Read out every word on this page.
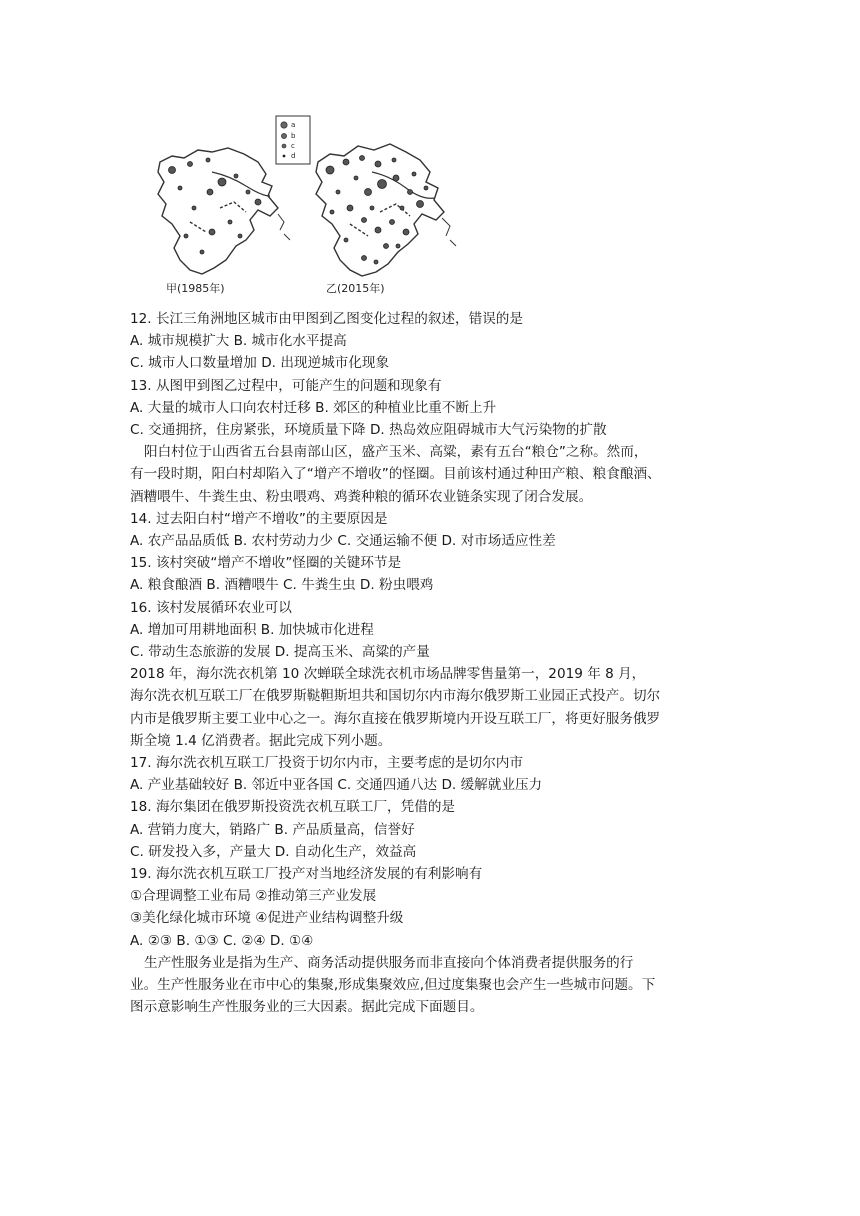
a
b
c
d
甲(1985年)	乙(2015年)
12. 长江三角洲地区城市由甲图到乙图变化过程的叙述，错误的是
A. 城市规模扩大 B. 城市化水平提高
C. 城市人口数量增加 D. 出现逆城市化现象
13. 从图甲到图乙过程中，可能产生的问题和现象有
A. 大量的城市人口向农村迁移 B. 郊区的种植业比重不断上升
C. 交通拥挤，住房紧张，环境质量下降 D. 热岛效应阻碍城市大气污染物的扩散
阳白村位于山西省五台县南部山区，盛产玉米、高粱，素有五台“粮仓”之称。然而，
有一段时期，阳白村却陷入了“增产不增收”的怪圈。目前该村通过种田产粮、粮食酿酒、
酒糟喂牛、牛粪生虫、粉虫喂鸡、鸡粪种粮的循环农业链条实现了闭合发展。
14. 过去阳白村“增产不增收”的主要原因是
A. 农产品品质低 B. 农村劳动力少 C. 交通运输不便 D. 对市场适应性差
15. 该村突破“增产不增收”怪圈的关键环节是
A. 粮食酿酒 B. 酒糟喂牛 C. 牛粪生虫 D. 粉虫喂鸡
16. 该村发展循环农业可以
A. 增加可用耕地面积 B. 加快城市化进程
C. 带动生态旅游的发展 D. 提高玉米、高粱的产量
2018 年，海尔洗衣机第 10 次蝉联全球洗衣机市场品牌零售量第一，2019 年 8 月，
海尔洗衣机互联工厂在俄罗斯鞑靼斯坦共和国切尔内市海尔俄罗斯工业园正式投产。切尔
内市是俄罗斯主要工业中心之一。海尔直接在俄罗斯境内开设互联工厂，将更好服务俄罗
斯全境 1.4 亿消费者。据此完成下列小题。
17. 海尔洗衣机互联工厂投资于切尔内市，主要考虑的是切尔内市
A. 产业基础较好 B. 邻近中亚各国 C. 交通四通八达 D. 缓解就业压力
18. 海尔集团在俄罗斯投资洗衣机互联工厂，凭借的是
A. 营销力度大，销路广 B. 产品质量高，信誉好
C. 研发投入多，产量大 D. 自动化生产，效益高
19. 海尔洗衣机互联工厂投产对当地经济发展的有利影响有
①合理调整工业布局 ②推动第三产业发展
③美化绿化城市环境 ④促进产业结构调整升级
A. ②③ B. ①③ C. ②④ D. ①④
生产性服务业是指为生产、商务活动提供服务而非直接向个体消费者提供服务的行
业。生产性服务业在市中心的集聚,形成集聚效应,但过度集聚也会产生一些城市问题。下
图示意影响生产性服务业的三大因素。据此完成下面题目。
